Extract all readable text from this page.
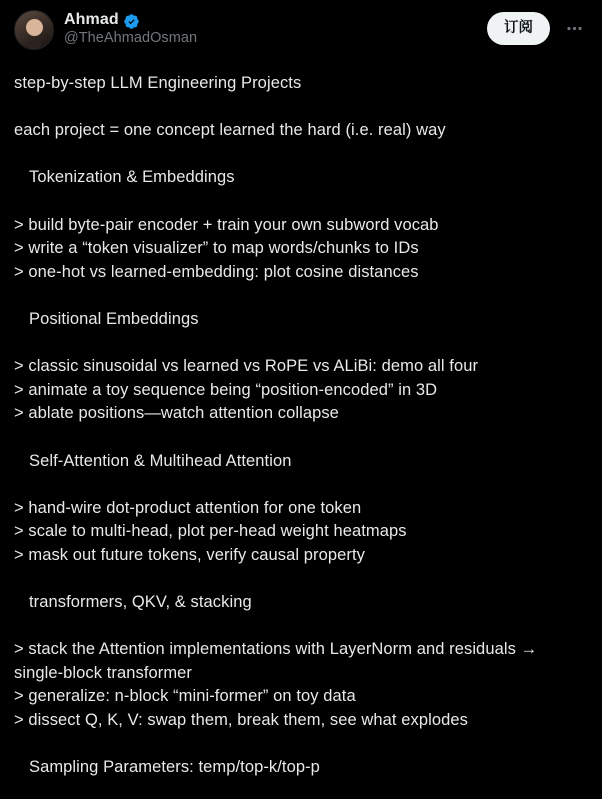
Ahmad
@TheAhmadOsman
订阅
step-by-step LLM Engineering Projects
each project = one concept learned the hard (i.e. real) way
Tokenization & Embeddings
> build byte-pair encoder + train your own subword vocab
> write a “token visualizer” to map words/chunks to IDs
> one-hot vs learned-embedding: plot cosine distances
Positional Embeddings
> classic sinusoidal vs learned vs RoPE vs ALiBi: demo all four
> animate a toy sequence being “position-encoded” in 3D
> ablate positions—watch attention collapse
Self-Attention & Multihead Attention
> hand-wire dot-product attention for one token
> scale to multi-head, plot per-head weight heatmaps
> mask out future tokens, verify causal property
transformers, QKV, & stacking
> stack the Attention implementations with LayerNorm and residuals → single-block transformer
> generalize: n-block “mini-former” on toy data
> dissect Q, K, V: swap them, break them, see what explodes
Sampling Parameters: temp/top-k/top-p
